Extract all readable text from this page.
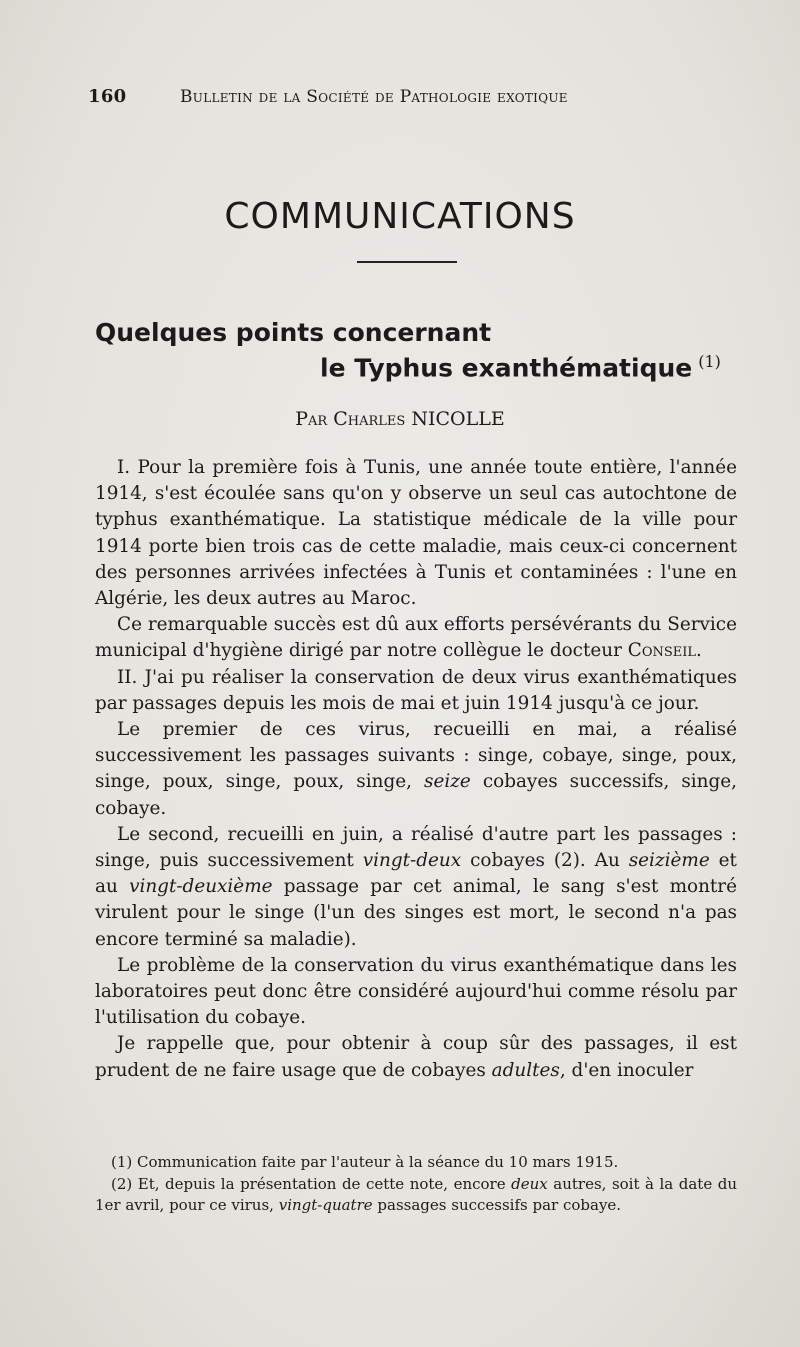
160	Bulletin de la Société de Pathologie exotique
COMMUNICATIONS
Quelques points concernant
le Typhus exanthématique $^{(1)}$
Par Charles NICOLLE

I. Pour la première fois à Tunis, une année toute entière, l'année 1914, s'est écoulée sans qu'on y observe un seul cas autochtone de typhus exanthématique. La statistique médicale de la ville pour 1914 porte bien trois cas de cette maladie, mais ceux-ci concernent des personnes arrivées infectées à Tunis et contaminées : l'une en Algérie, les deux autres au Maroc.

Ce remarquable succès est dû aux efforts persévérants du Service municipal d'hygiène dirigé par notre collègue le docteur Conseil.

II. J'ai pu réaliser la conservation de deux virus exanthématiques par passages depuis les mois de mai et juin 1914 jusqu'à ce jour.

Le premier de ces virus, recueilli en mai, a réalisé successivement les passages suivants : singe, cobaye, singe, poux, singe, poux, singe, poux, singe, seize cobayes successifs, singe, cobaye.

Le second, recueilli en juin, a réalisé d'autre part les passages : singe, puis successivement vingt-deux cobayes (2). Au seizième et au vingt-deuxième passage par cet animal, le sang s'est montré virulent pour le singe (l'un des singes est mort, le second n'a pas encore terminé sa maladie).

Le problème de la conservation du virus exanthématique dans les laboratoires peut donc être considéré aujourd'hui comme résolu par l'utilisation du cobaye.

Je rappelle que, pour obtenir à coup sûr des passages, il est prudent de ne faire usage que de cobayes adultes, d'en inoculer

(1) Communication faite par l'auteur à la séance du 10 mars 1915.

(2) Et, depuis la présentation de cette note, encore deux autres, soit à la date du 1er avril, pour ce virus, vingt-quatre passages successifs par cobaye.
